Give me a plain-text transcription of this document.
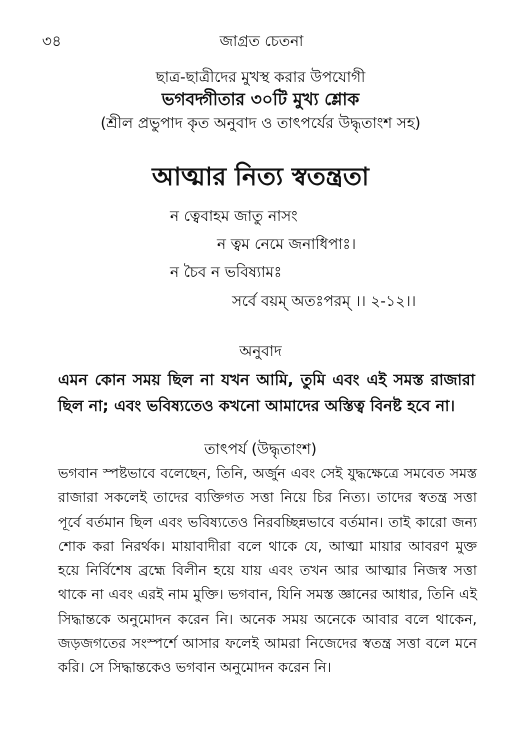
৩৪	জাগ্রত চেতনা
ছাত্র-ছাত্রীদের মুখস্থ করার উপযোগী
ভগবদ্গীতার ৩০টি মুখ্য শ্লোক
(শ্রীল প্রভুপাদ কৃত অনুবাদ ও তাৎপর্যের উদ্ধৃতাংশ সহ)
আত্মার নিত্য স্বতন্ত্রতা
ন ত্বেবাহম জাতু নাসং
ন ত্বম নেমে জনাধিপাঃ।
ন চৈব ন ভবিষ্যামঃ
সর্বে বয়ম্ অতঃপরম্ ।। ২-১২।।
অনুবাদ
এমন কোন সময় ছিল না যখন আমি, তুমি এবং এই সমস্ত রাজারা ছিল না; এবং ভবিষ্যতেও কখনো আমাদের অস্তিত্ব বিনষ্ট হবে না।
তাৎপর্য (উদ্ধৃতাংশ)

ভগবান স্পষ্টভাবে বলেছেন, তিনি, অর্জুন এবং সেই যুদ্ধক্ষেত্রে সমবেত সমস্ত রাজারা সকলেই তাদের ব্যক্তিগত সত্তা নিয়ে চির নিত্য। তাদের স্বতন্ত্র সত্তা পূর্বে বর্তমান ছিল এবং ভবিষ্যতেও নিরবচ্ছিন্নভাবে বর্তমান। তাই কারো জন্য শোক করা নিরর্থক। মায়াবাদীরা বলে থাকে যে, আত্মা মায়ার আবরণ মুক্ত হয়ে নির্বিশেষ ব্রহ্মে বিলীন হয়ে যায় এবং তখন আর আত্মার নিজস্ব সত্তা থাকে না এবং এরই নাম মুক্তি। ভগবান, যিনি সমস্ত জ্ঞানের আধার, তিনি এই সিদ্ধান্তকে অনুমোদন করেন নি। অনেক সময় অনেকে আবার বলে থাকেন, জড়জগতের সংস্পর্শে আসার ফলেই আমরা নিজেদের স্বতন্ত্র সত্তা বলে মনে করি। সে সিদ্ধান্তকেও ভগবান অনুমোদন করেন নি।
